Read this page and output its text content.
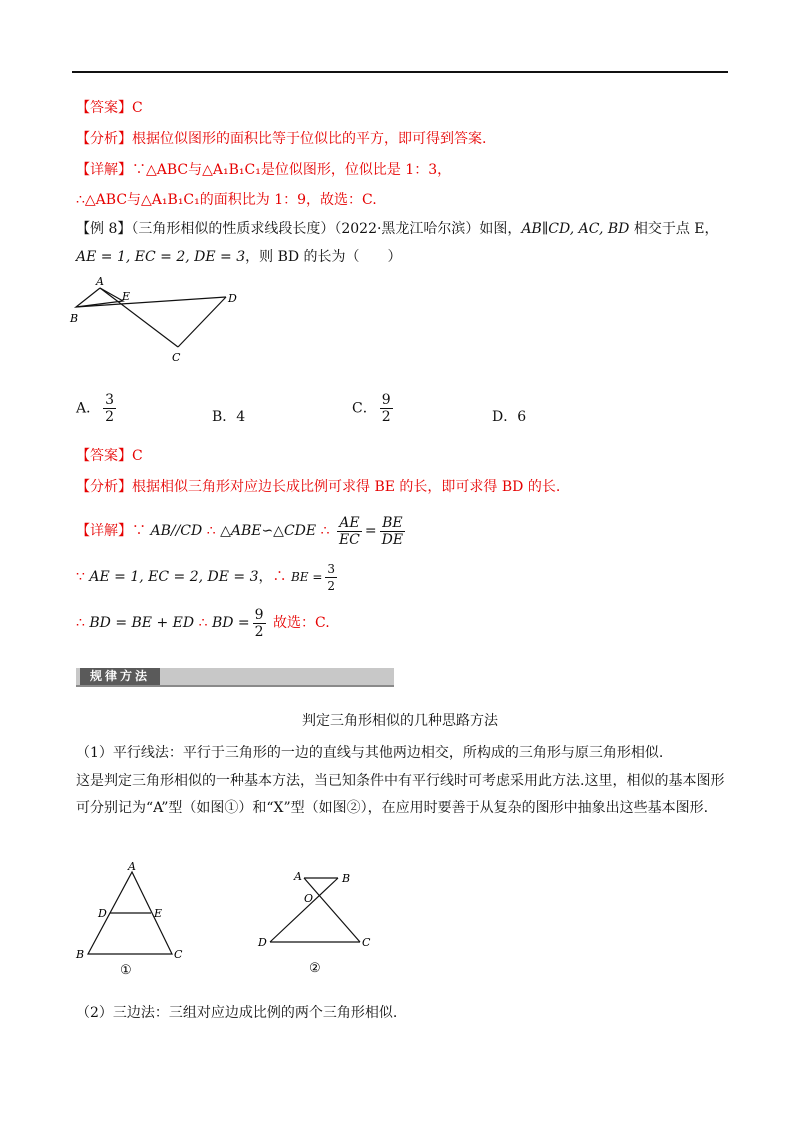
【答案】C
【分析】根据位似图形的面积比等于位似比的平方，即可得到答案.
【详解】∵△ABC与△A₁B₁C₁是位似图形，位似比是 1：3，
∴△ABC与△A₁B₁C₁的面积比为 1：9，故选：C.
【例 8】（三角形相似的性质求线段长度）（2022·黑龙江哈尔滨）如图，AB∥CD, AC, BD 相交于点 E，
AE = 1, EC = 2, DE = 3，则 BD 的长为（　　）
A
B
E	D
C
A． $\frac{3}{2}$	B．4
C． $\frac{9}{2}$	D．6
【答案】C
【分析】根据相似三角形对应边长成比例可求得 BE 的长，即可求得 BD 的长.
【详解】∵ AB//CD ∴ △ABE∽△CDE ∴ $\frac{AE}{EC} = \frac{BE}{DE}$
∵ AE = 1, EC = 2, DE = 3，∴ BE = $\frac{3}{2}$
∴ BD = BE + ED ∴ BD = $\frac{9}{2}$ 故选：C.
规律方法
判定三角形相似的几种思路方法
（1）平行线法：平行于三角形的一边的直线与其他两边相交，所构成的三角形与原三角形相似.
这是判定三角形相似的一种基本方法，当已知条件中有平行线时可考虑采用此方法.这里，相似的基本图形可分别记为“A”型（如图①）和“X”型（如图②），在应用时要善于从复杂的图形中抽象出这些基本图形.
A
D	E
B	C
①
A	B
O
D	C
②
（2）三边法：三组对应边成比例的两个三角形相似.
